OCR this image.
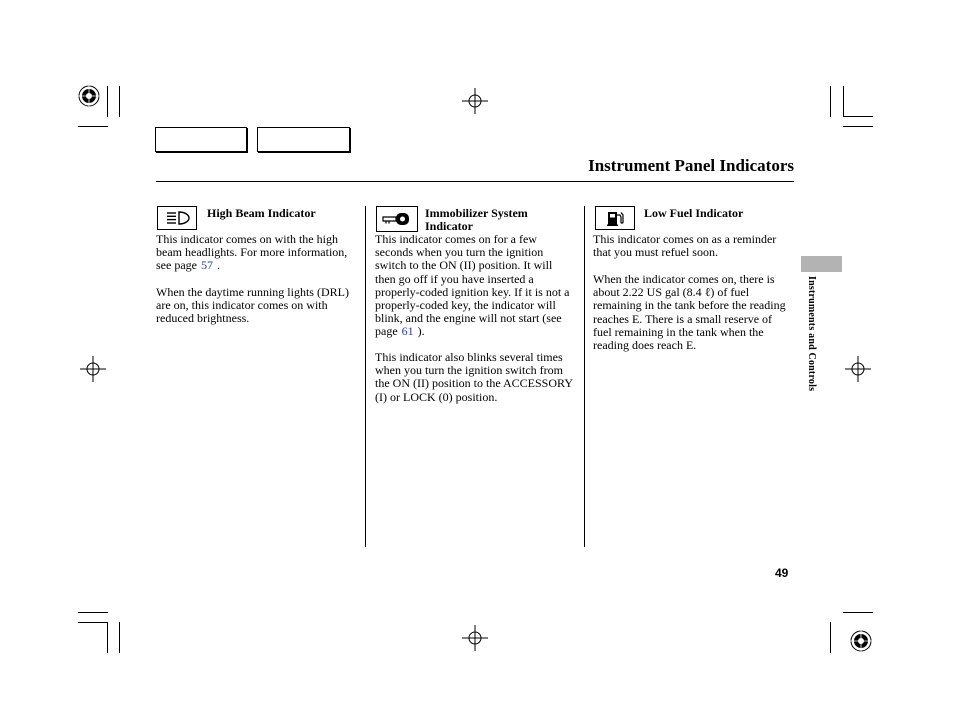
Instrument Panel Indicators
High Beam Indicator

This indicator comes on with the high beam headlights. For more information, see page 57 .

When the daytime running lights (DRL) are on, this indicator comes on with reduced brightness.

Immobilizer System Indicator

This indicator comes on for a few seconds when you turn the ignition switch to the ON (II) position. It will then go off if you have inserted a properly-coded ignition key. If it is not a properly-coded key, the indicator will blink, and the engine will not start (see page 61 ).

This indicator also blinks several times when you turn the ignition switch from the ON (II) position to the ACCESSORY (I) or LOCK (0) position.

Low Fuel Indicator

This indicator comes on as a reminder that you must refuel soon.

When the indicator comes on, there is about 2.22 US gal (8.4 ℓ) of fuel remaining in the tank before the reading reaches E. There is a small reserve of fuel remaining in the tank when the reading does reach E.	Instruments and Controls
49
